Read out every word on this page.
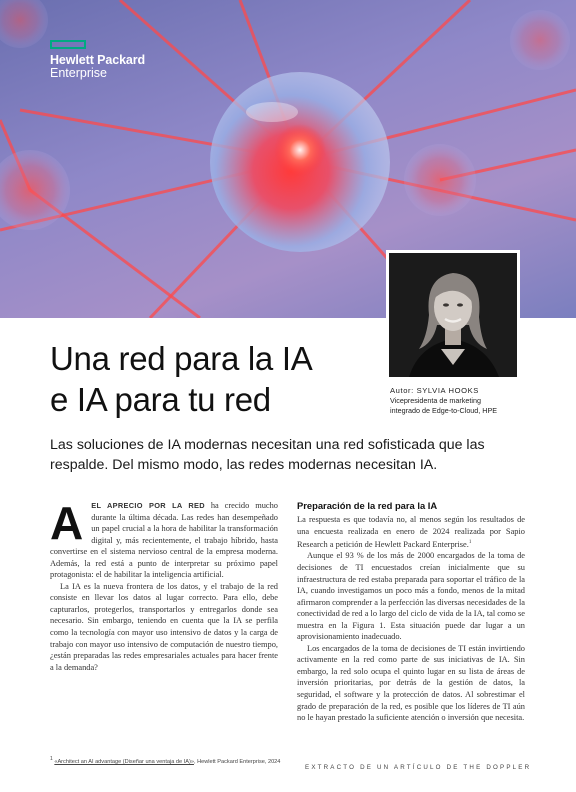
Hewlett Packard
Enterprise
Una red para la IA
e IA para tu red	Autor: SYLVIA HOOKS
Vicepresidenta de marketing
integrado de Edge-to-Cloud, HPE
Las soluciones de IA modernas necesitan una red sofisticada que las respalde. Del mismo modo, las redes modernas necesitan IA.

A EL APRECIO POR LA RED ha crecido mucho durante la última década. Las redes han desempeñado un papel crucial a la hora de habilitar la transformación digital y, más recientemente, el trabajo híbrido, hasta convertirse en el sistema nervioso central de la empresa moderna. Además, la red está a punto de interpretar su próximo papel protagonista: el de habilitar la inteligencia artificial.

La IA es la nueva frontera de los datos, y el trabajo de la red consiste en llevar los datos al lugar correcto. Para ello, debe capturarlos, protegerlos, transportarlos y entregarlos donde sea necesario. Sin embargo, teniendo en cuenta que la IA se perfila como la tecnología con mayor uso intensivo de datos y la carga de trabajo con mayor uso intensivo de computación de nuestro tiempo, ¿están preparadas las redes empresariales actuales para hacer frente a la demanda?

Preparación de la red para la IA

La respuesta es que todavía no, al menos según los resultados de una encuesta realizada en enero de 2024 realizada por Sapio Research a petición de Hewlett Packard Enterprise.$^1$

Aunque el 93 % de los más de 2000 encargados de la toma de decisiones de TI encuestados creían inicialmente que su infraestructura de red estaba preparada para soportar el tráfico de la IA, cuando investigamos un poco más a fondo, menos de la mitad afirmaron comprender a la perfección las diversas necesidades de la conectividad de red a lo largo del ciclo de vida de la IA, tal como se muestra en la Figura 1. Esta situación puede dar lugar a un aprovisionamiento inadecuado.

Los encargados de la toma de decisiones de TI están invirtiendo activamente en la red como parte de sus iniciativas de IA. Sin embargo, la red solo ocupa el quinto lugar en su lista de áreas de inversión prioritarias, por detrás de la gestión de datos, la seguridad, el software y la protección de datos. Al sobrestimar el grado de preparación de la red, es posible que los líderes de TI aún no le hayan prestado la suficiente atención o inversión que necesita.

$^1$ «Architect an AI advantage (Diseñar una ventaja de IA)», Hewlett Packard Enterprise, 2024
EXTRACTO DE UN ARTÍCULO DE THE DOPPLER
